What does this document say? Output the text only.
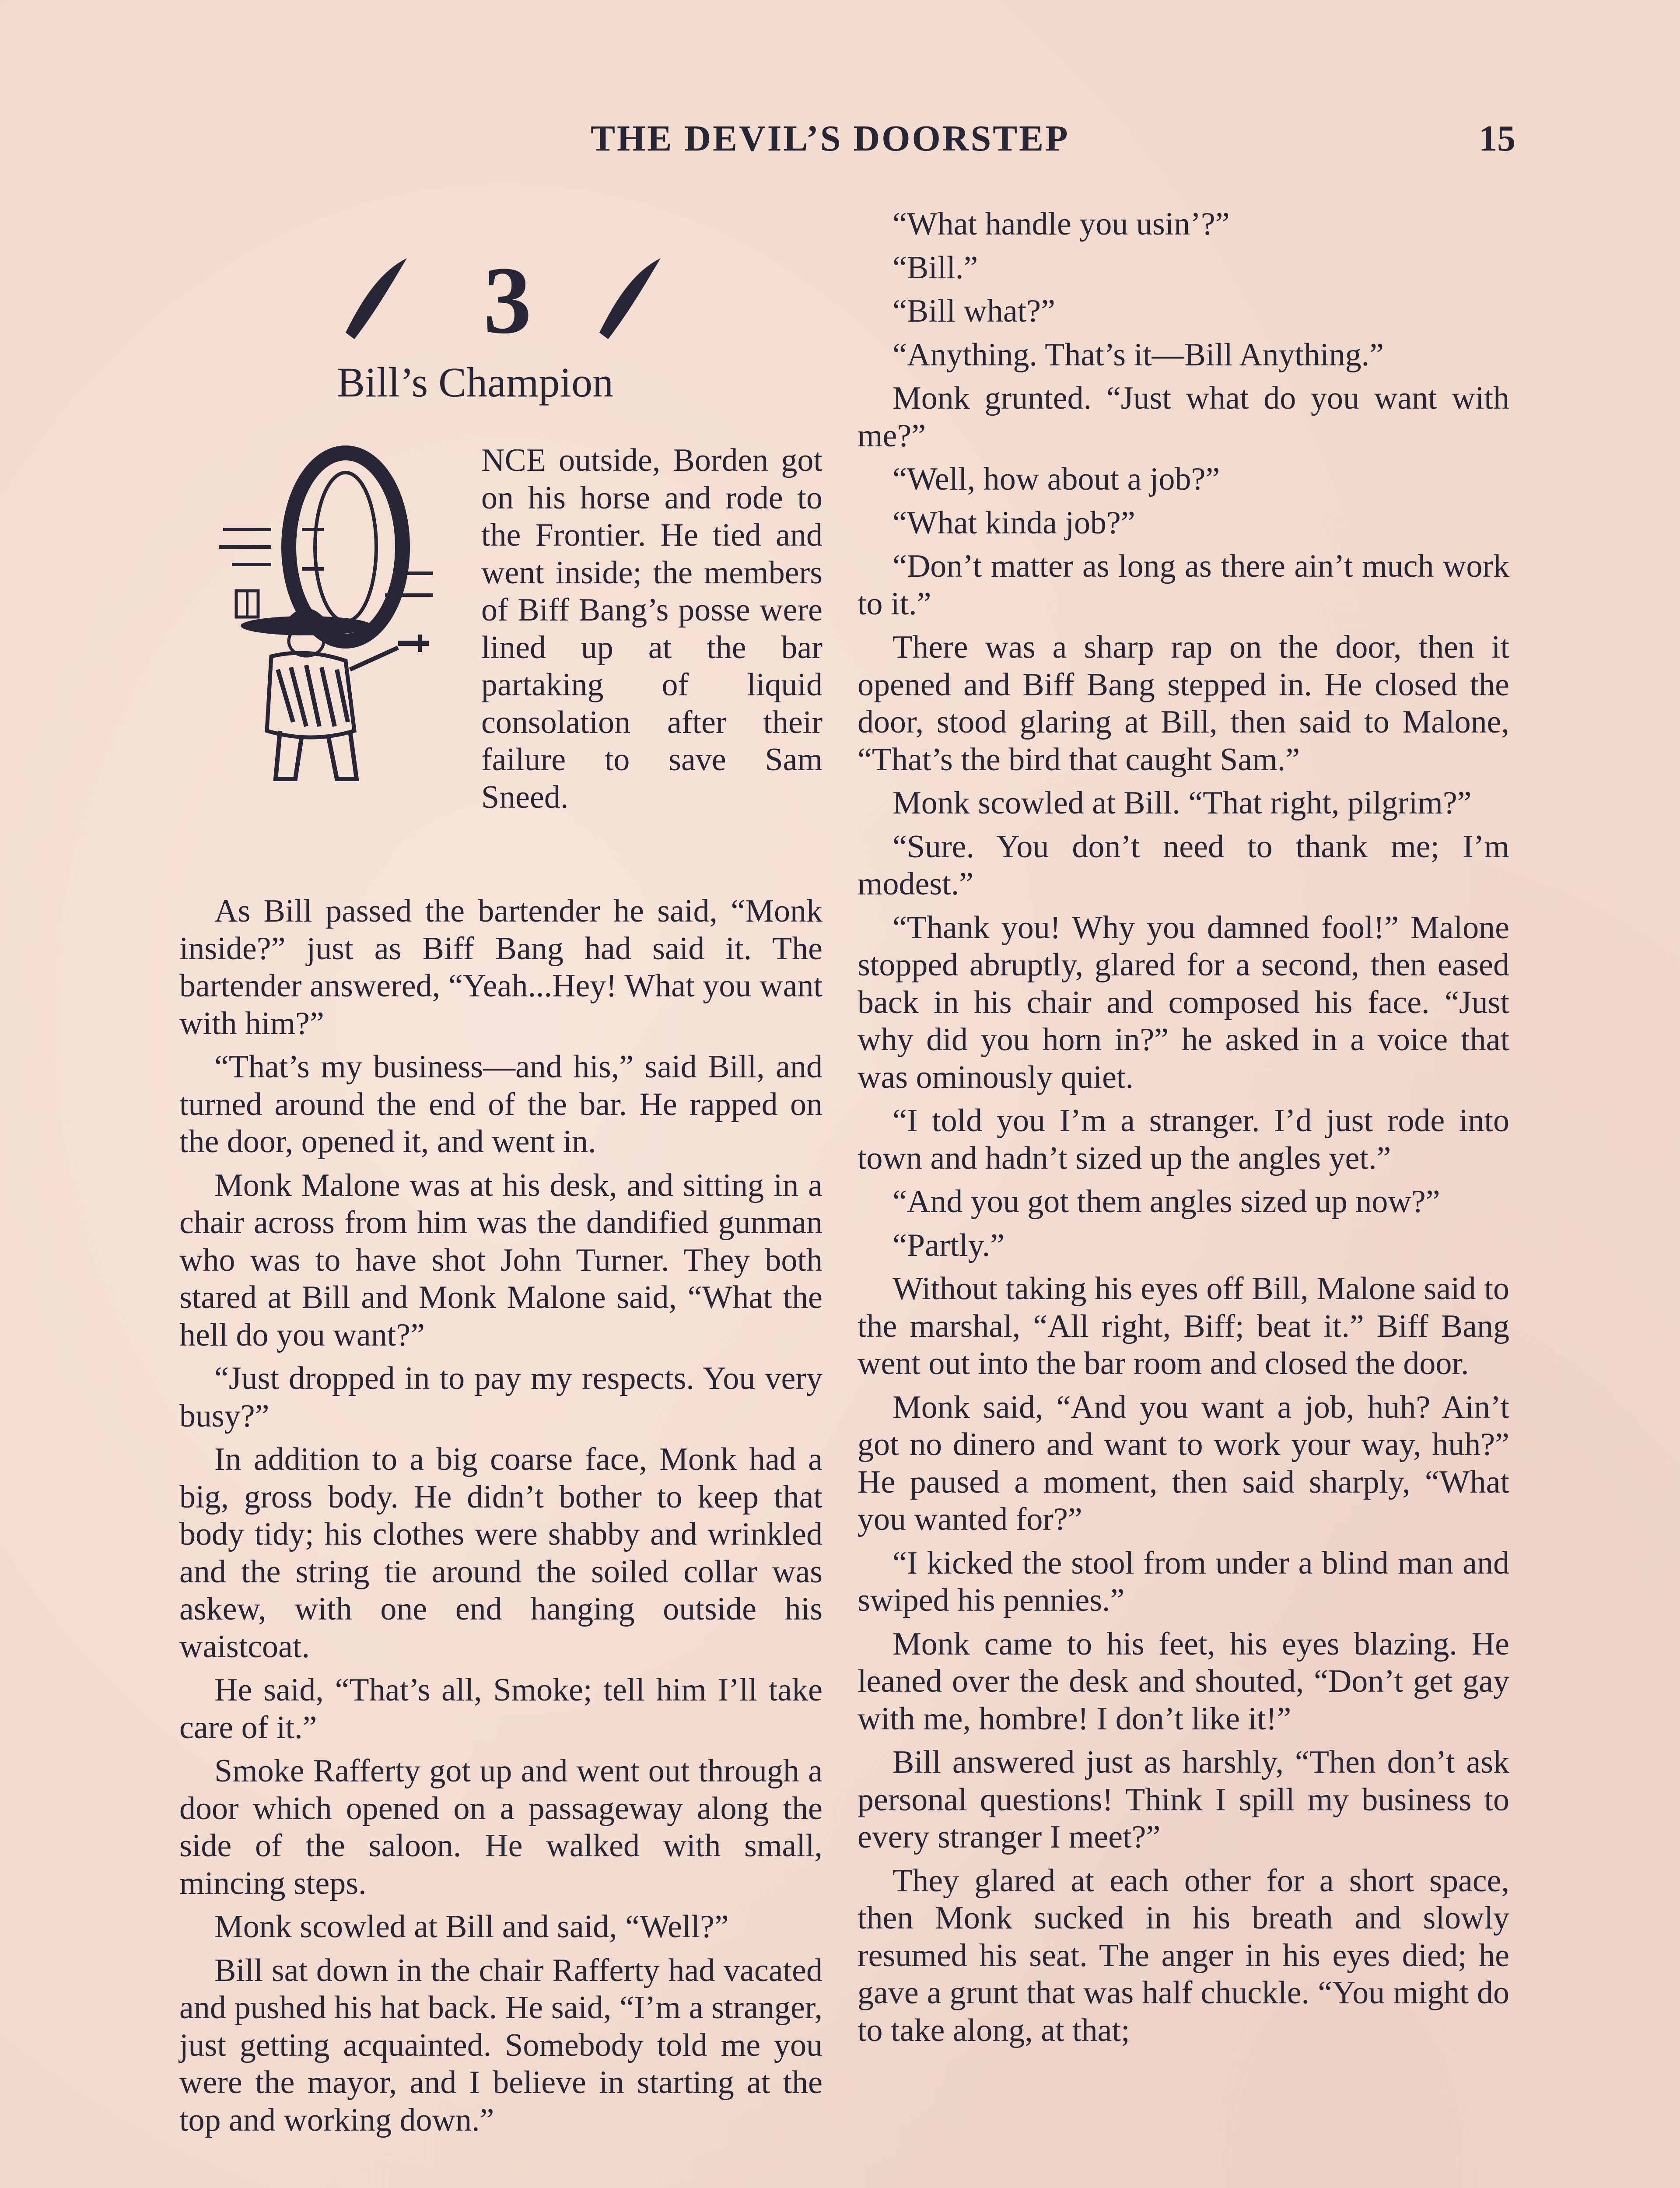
THE DEVIL’S DOORSTEP	15
3
Bill’s Champion
O

NCE outside, Borden got on his horse and rode to the Frontier. He tied and went inside; the members of Biff Bang’s posse were lined up at the bar partaking of liquid consolation after their failure to save Sam Sneed.

As Bill passed the bartender he said, “Monk inside?” just as Biff Bang had said it. The bartender answered, “Yeah...Hey! What you want with him?”

“That’s my business—and his,” said Bill, and turned around the end of the bar. He rapped on the door, opened it, and went in.

Monk Malone was at his desk, and sitting in a chair across from him was the dandified gunman who was to have shot John Turner. They both stared at Bill and Monk Malone said, “What the hell do you want?”

“Just dropped in to pay my respects. You very busy?”

In addition to a big coarse face, Monk had a big, gross body. He didn’t bother to keep that body tidy; his clothes were shabby and wrinkled and the string tie around the soiled collar was askew, with one end hanging outside his waistcoat.

He said, “That’s all, Smoke; tell him I’ll take care of it.”

Smoke Rafferty got up and went out through a door which opened on a passageway along the side of the saloon. He walked with small, mincing steps.

Monk scowled at Bill and said, “Well?”

Bill sat down in the chair Rafferty had vacated and pushed his hat back. He said, “I’m a stranger, just getting acquainted. Somebody told me you were the mayor, and I believe in starting at the top and working down.”

“What handle you usin’?”

“Bill.”

“Bill what?”

“Anything. That’s it—Bill Anything.”

Monk grunted. “Just what do you want with me?”

“Well, how about a job?”

“What kinda job?”

“Don’t matter as long as there ain’t much work to it.”

There was a sharp rap on the door, then it opened and Biff Bang stepped in. He closed the door, stood glaring at Bill, then said to Malone, “That’s the bird that caught Sam.”

Monk scowled at Bill. “That right, pilgrim?”

“Sure. You don’t need to thank me; I’m modest.”

“Thank you! Why you damned fool!” Malone stopped abruptly, glared for a second, then eased back in his chair and composed his face. “Just why did you horn in?” he asked in a voice that was ominously quiet.

“I told you I’m a stranger. I’d just rode into town and hadn’t sized up the angles yet.”

“And you got them angles sized up now?”

“Partly.”

Without taking his eyes off Bill, Malone said to the marshal, “All right, Biff; beat it.” Biff Bang went out into the bar room and closed the door.

Monk said, “And you want a job, huh? Ain’t got no dinero and want to work your way, huh?” He paused a moment, then said sharply, “What you wanted for?”

“I kicked the stool from under a blind man and swiped his pennies.”

Monk came to his feet, his eyes blazing. He leaned over the desk and shouted, “Don’t get gay with me, hombre! I don’t like it!”

Bill answered just as harshly, “Then don’t ask personal questions! Think I spill my business to every stranger I meet?”

They glared at each other for a short space, then Monk sucked in his breath and slowly resumed his seat. The anger in his eyes died; he gave a grunt that was half chuckle. “You might do to take along, at that;
